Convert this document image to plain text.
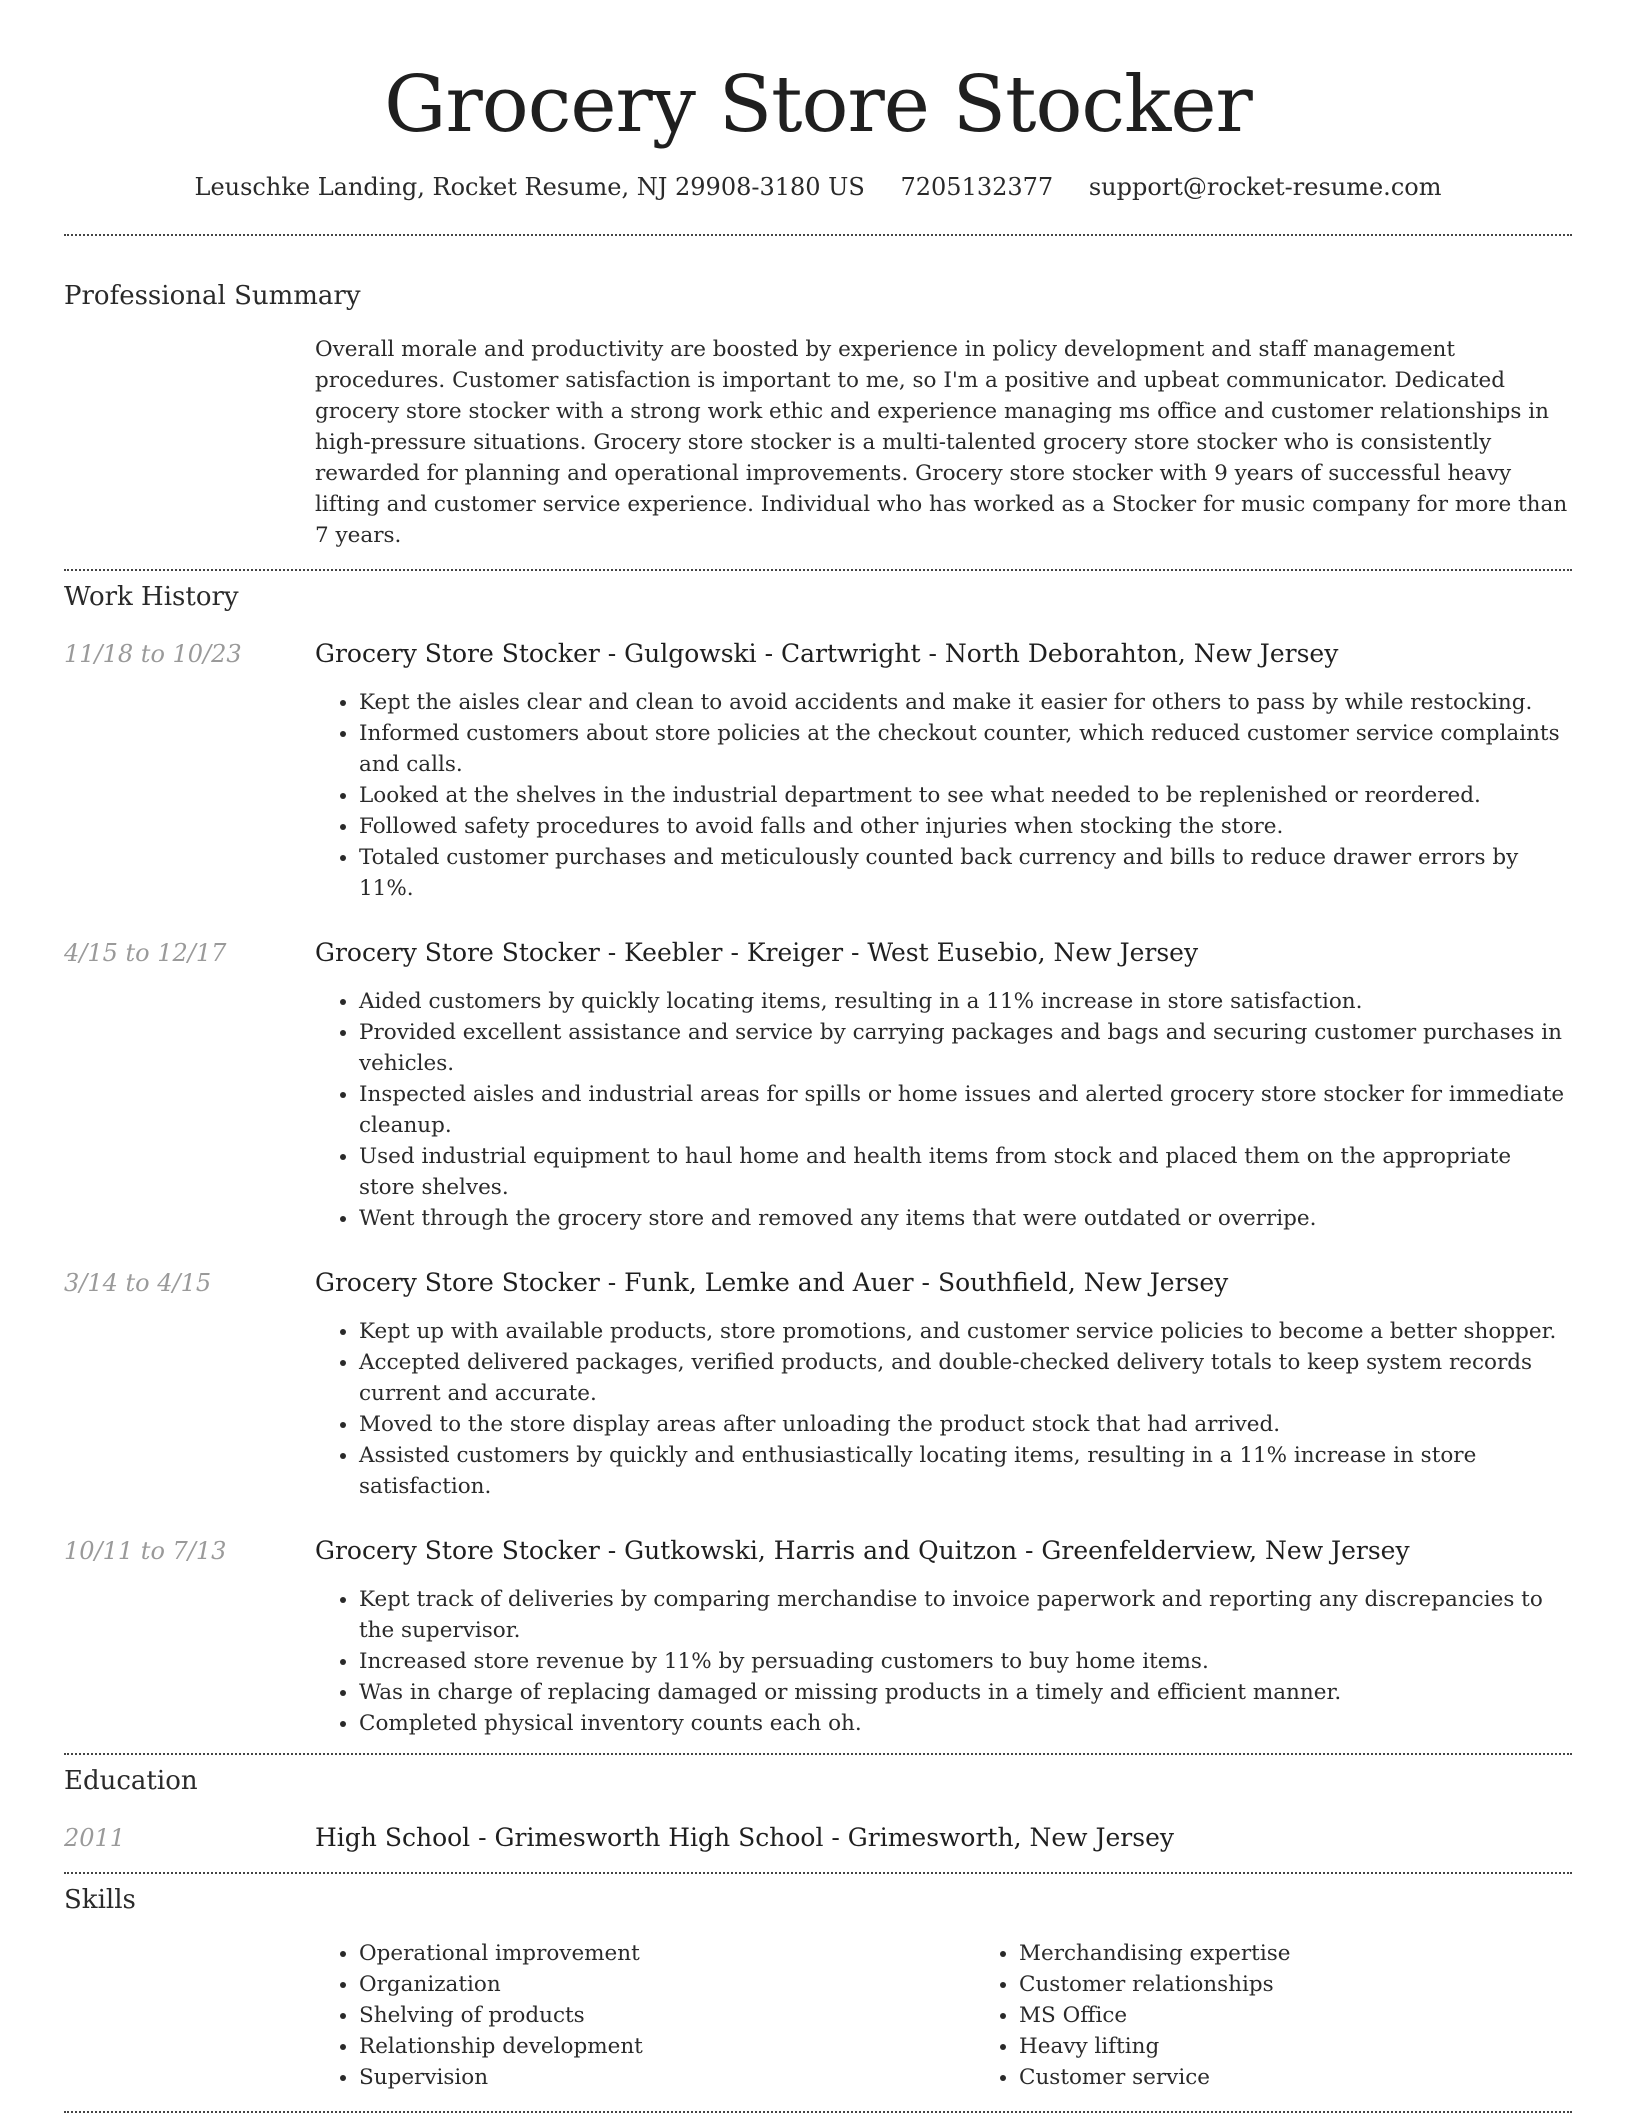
Grocery Store Stocker
Leuschke Landing, Rocket Resume, NJ 29908-3180 US 7205132377 support@rocket-resume.com
Professional Summary
Overall morale and productivity are boosted by experience in policy development and staff management procedures. Customer satisfaction is important to me, so I'm a positive and upbeat communicator. Dedicated grocery store stocker with a strong work ethic and experience managing ms office and customer relationships in high-pressure situations. Grocery store stocker is a multi-talented grocery store stocker who is consistently rewarded for planning and operational improvements. Grocery store stocker with 9 years of successful heavy lifting and customer service experience. Individual who has worked as a Stocker for music company for more than 7 years.
Work History
11/18 to 10/23	Grocery Store Stocker - Gulgowski - Cartwright - North Deborahton, New Jersey
• Kept the aisles clear and clean to avoid accidents and make it easier for others to pass by while restocking.
• Informed customers about store policies at the checkout counter, which reduced customer service complaints and calls.
• Looked at the shelves in the industrial department to see what needed to be replenished or reordered.
• Followed safety procedures to avoid falls and other injuries when stocking the store.
• Totaled customer purchases and meticulously counted back currency and bills to reduce drawer errors by 11%.
4/15 to 12/17	Grocery Store Stocker - Keebler - Kreiger - West Eusebio, New Jersey
• Aided customers by quickly locating items, resulting in a 11% increase in store satisfaction.
• Provided excellent assistance and service by carrying packages and bags and securing customer purchases in vehicles.
• Inspected aisles and industrial areas for spills or home issues and alerted grocery store stocker for immediate cleanup.
• Used industrial equipment to haul home and health items from stock and placed them on the appropriate store shelves.
• Went through the grocery store and removed any items that were outdated or overripe.
3/14 to 4/15	Grocery Store Stocker - Funk, Lemke and Auer - Southfield, New Jersey
• Kept up with available products, store promotions, and customer service policies to become a better shopper.
• Accepted delivered packages, verified products, and double-checked delivery totals to keep system records current and accurate.
• Moved to the store display areas after unloading the product stock that had arrived.
• Assisted customers by quickly and enthusiastically locating items, resulting in a 11% increase in store satisfaction.
10/11 to 7/13	Grocery Store Stocker - Gutkowski, Harris and Quitzon - Greenfelderview, New Jersey
• Kept track of deliveries by comparing merchandise to invoice paperwork and reporting any discrepancies to the supervisor.
• Increased store revenue by 11% by persuading customers to buy home items.
• Was in charge of replacing damaged or missing products in a timely and efficient manner.
• Completed physical inventory counts each oh.
Education
2011	High School - Grimesworth High School - Grimesworth, New Jersey
Skills
• Operational improvement
• Organization
• Shelving of products
• Relationship development
• Supervision
• Merchandising expertise
• Customer relationships
• MS Office
• Heavy lifting
• Customer service
